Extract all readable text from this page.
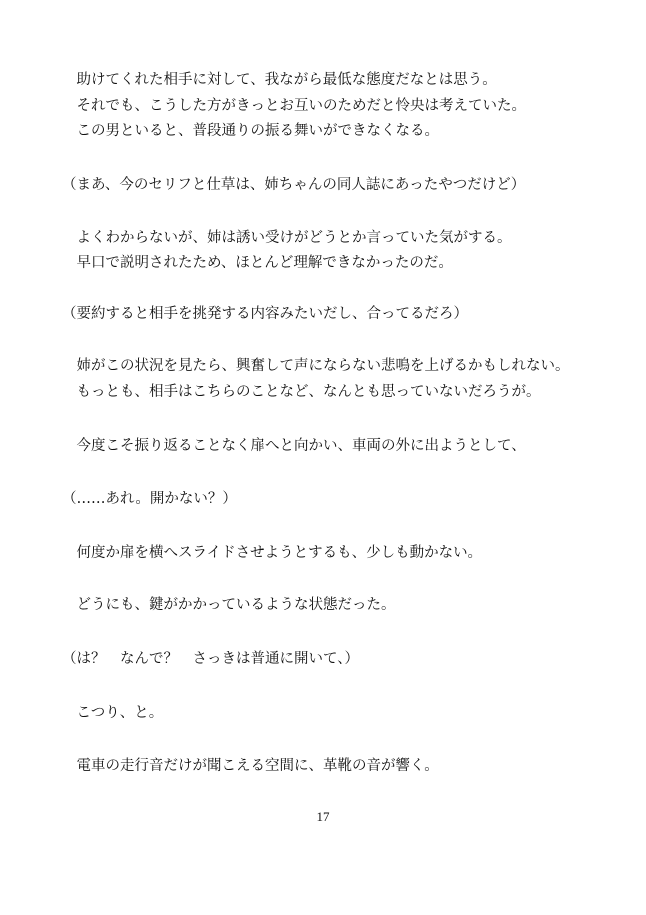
　助けてくれた相手に対して、我ながら最低な態度だなとは思う。
　それでも、こうした方がきっとお互いのためだと怜央は考えていた。
　この男といると、普段通りの振る舞いができなくなる。
（まあ、今のセリフと仕草は、姉ちゃんの同人誌にあったやつだけど）
　よくわからないが、姉は誘い受けがどうとか言っていた気がする。
　早口で説明されたため、ほとんど理解できなかったのだ。
（要約すると相手を挑発する内容みたいだし、合ってるだろ）
　姉がこの状況を見たら、興奮して声にならない悲鳴を上げるかもしれない。
　もっとも、相手はこちらのことなど、なんとも思っていないだろうが。
　今度こそ振り返ることなく扉へと向かい、車両の外に出ようとして、
（……あれ。開かない？）
　何度か扉を横へスライドさせようとするも、少しも動かない。
　どうにも、鍵がかかっているような状態だった。
（は？　なんで？　さっきは普通に開いて、）
　こつり、と。
　電車の走行音だけが聞こえる空間に、革靴の音が響く。
17
